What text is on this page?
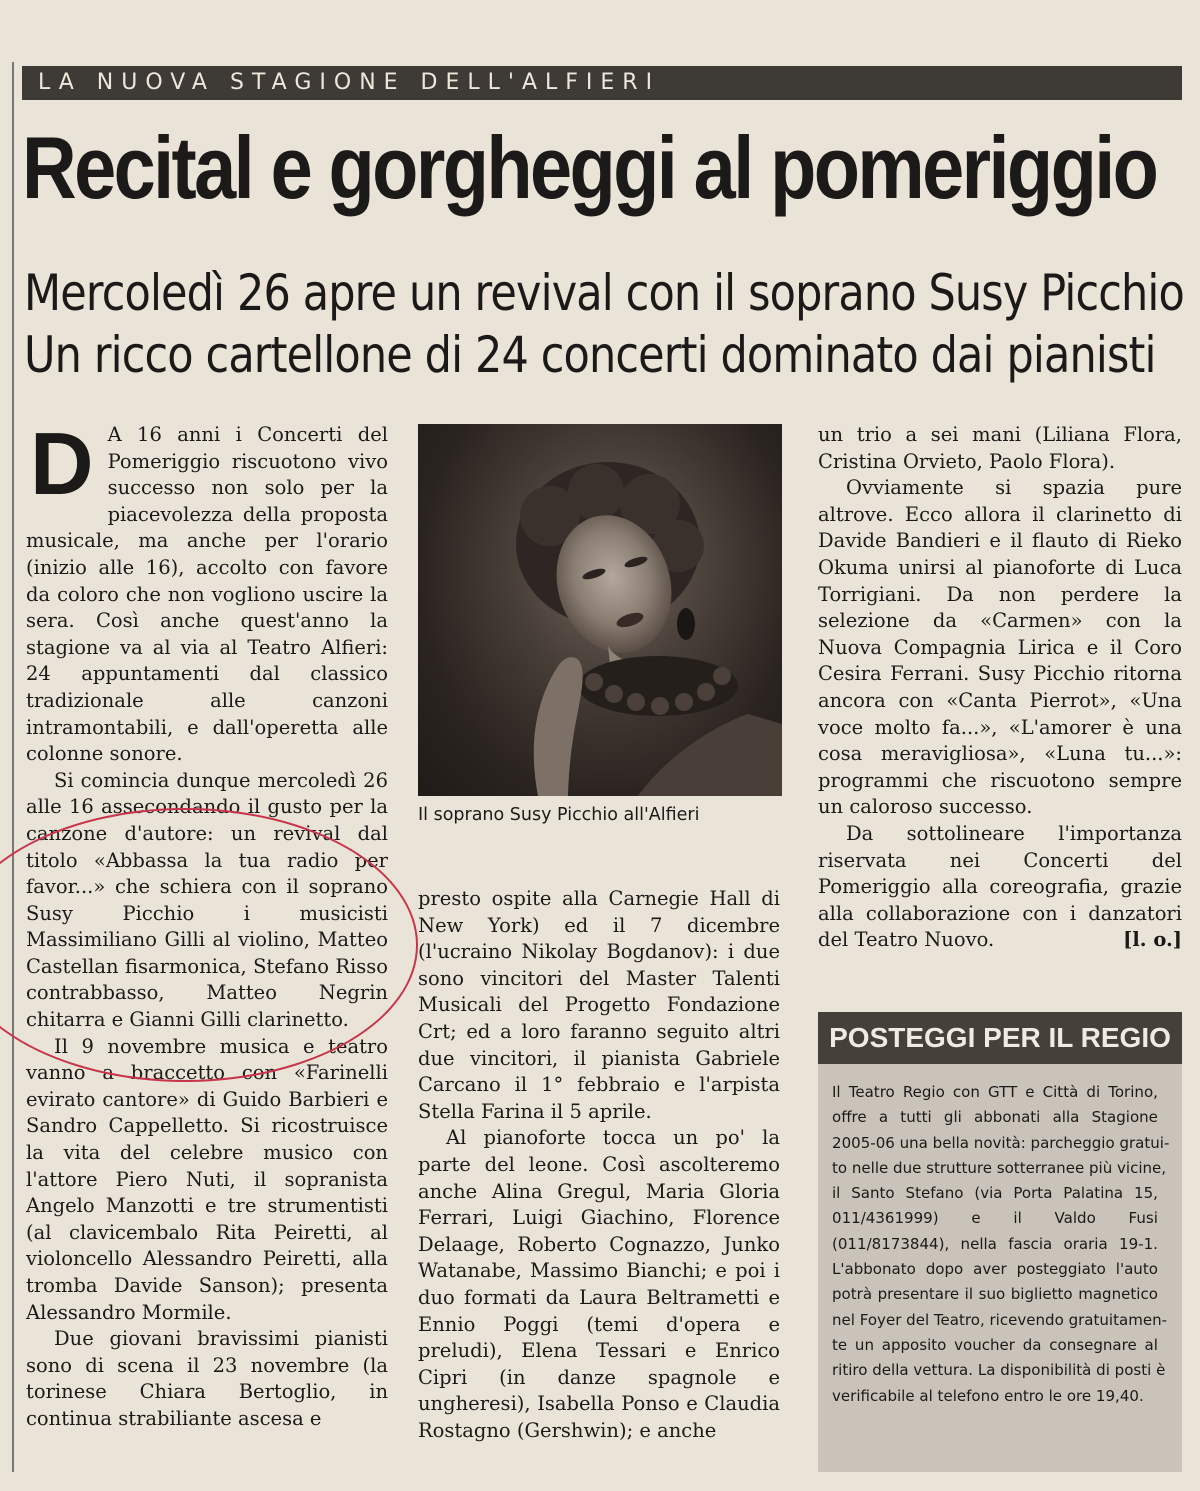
LA NUOVA STAGIONE DELL'ALFIERI
Recital e gorgheggi al pomeriggio
Mercoledì 26 apre un revival con il soprano Susy Picchio
Un ricco cartellone di 24 concerti dominato dai pianisti

D A 16 anni i Concerti del Pomeriggio riscuotono vivo successo non solo per la piacevolezza della proposta musicale, ma anche per l'orario (inizio alle 16), accolto con favore da coloro che non vogliono uscire la sera. Così anche quest'anno la stagione va al via al Teatro Alfieri: 24 appuntamenti dal classico tradizionale alle canzoni intramontabili, e dall'operetta alle colonne sonore.

Si comincia dunque mercoledì 26 alle 16 assecondando il gusto per la canzone d'autore: un revival dal titolo «Abbassa la tua radio per favor...» che schiera con il soprano Susy Picchio i musicisti Massimiliano Gilli al violino, Matteo Castellan fisarmonica, Stefano Risso contrabbasso, Matteo Negrin chitarra e Gianni Gilli clarinetto.

Il 9 novembre musica e teatro vanno a braccetto con «Farinelli evirato cantore» di Guido Barbieri e Sandro Cappelletto. Si ricostruisce la vita del celebre musico con l'attore Piero Nuti, il sopranista Angelo Manzotti e tre strumentisti (al clavicembalo Rita Peiretti, al violoncello Alessandro Peiretti, alla tromba Davide Sanson); presenta Alessandro Mormile.

Due giovani bravissimi pianisti sono di scena il 23 novembre (la torinese Chiara Bertoglio, in continua strabiliante ascesa e

Il soprano Susy Picchio all'Alfieri

presto ospite alla Carnegie Hall di New York) ed il 7 dicembre (l'ucraino Nikolay Bogdanov): i due sono vincitori del Master Talenti Musicali del Progetto Fondazione Crt; ed a loro faranno seguito altri due vincitori, il pianista Gabriele Carcano il 1° febbraio e l'arpista Stella Farina il 5 aprile.

Al pianoforte tocca un po' la parte del leone. Così ascolteremo anche Alina Gregul, Maria Gloria Ferrari, Luigi Giachino, Florence Delaage, Roberto Cognazzo, Junko Watanabe, Massimo Bianchi; e poi i duo formati da Laura Beltrametti e Ennio Poggi (temi d'opera e preludi), Elena Tessari e Enrico Cipri (in danze spagnole e ungheresi), Isabella Ponso e Claudia Rostagno (Gershwin); e anche

un trio a sei mani (Liliana Flora, Cristina Orvieto, Paolo Flora).

Ovviamente si spazia pure altrove. Ecco allora il clarinetto di Davide Bandieri e il flauto di Rieko Okuma unirsi al pianoforte di Luca Torrigiani. Da non perdere la selezione da «Carmen» con la Nuova Compagnia Lirica e il Coro Cesira Ferrani. Susy Picchio ritorna ancora con «Canta Pierrot», «Una voce molto fa...», «L'amorer è una cosa meravigliosa», «Luna tu...»: programmi che riscuotono sempre un caloroso successo.

Da sottolineare l'importanza riservata nei Concerti del Pomeriggio alla coreografia, grazie alla collaborazione con i danzatori del Teatro Nuovo.	[l. o.]

POSTEGGI PER IL REGIO
Il Teatro Regio con GTT e Città di Torino,
offre a tutti gli abbonati alla Stagione
2005-06 una bella novità: parcheggio gratui-
to nelle due strutture sotterranee più vicine,
il Santo Stefano (via Porta Palatina 15,
011/4361999) e il Valdo Fusi
(011/8173844), nella fascia oraria 19-1.
L'abbonato dopo aver posteggiato l'auto
potrà presentare il suo biglietto magnetico
nel Foyer del Teatro, ricevendo gratuitamen-
te un apposito voucher da consegnare al
ritiro della vettura. La disponibilità di posti è
verificabile al telefono entro le ore 19,40.
